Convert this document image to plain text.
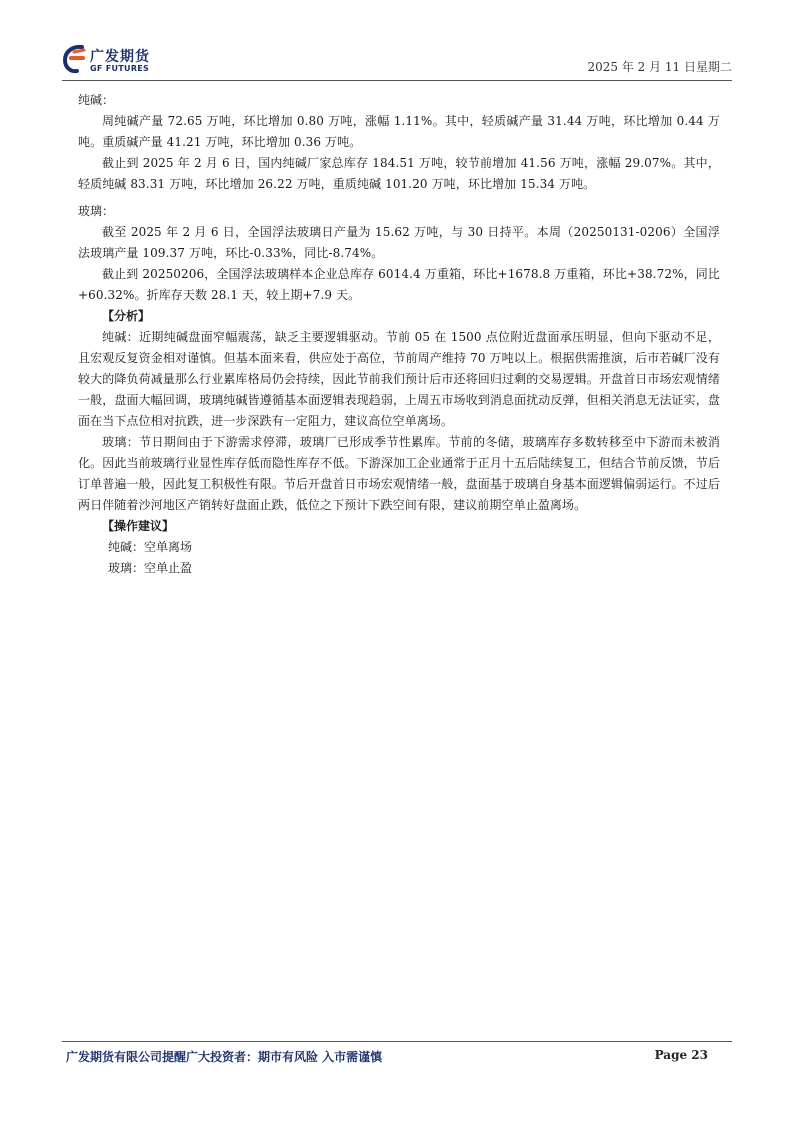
广发期货
GF FUTURES	2025 年 2 月 11 日星期二

纯碱：

周纯碱产量 72.65 万吨，环比增加 0.80 万吨，涨幅 1.11%。其中，轻质碱产量 31.44 万吨，环比增加 0.44 万吨。重质碱产量 41.21 万吨，环比增加 0.36 万吨。

截止到 2025 年 2 月 6 日，国内纯碱厂家总库存 184.51 万吨，较节前增加 41.56 万吨，涨幅 29.07%。其中，轻质纯碱 83.31 万吨，环比增加 26.22 万吨，重质纯碱 101.20 万吨，环比增加 15.34 万吨。

玻璃：

截至 2025 年 2 月 6 日，全国浮法玻璃日产量为 15.62 万吨，与 30 日持平。本周（20250131-0206）全国浮法玻璃产量 109.37 万吨，环比-0.33%，同比-8.74%。

截止到 20250206，全国浮法玻璃样本企业总库存 6014.4 万重箱，环比+1678.8 万重箱，环比+38.72%，同比+60.32%。折库存天数 28.1 天，较上期+7.9 天。

【分析】

纯碱：近期纯碱盘面窄幅震荡，缺乏主要逻辑驱动。节前 05 在 1500 点位附近盘面承压明显，但向下驱动不足，且宏观反复资金相对谨慎。但基本面来看，供应处于高位，节前周产维持 70 万吨以上。根据供需推演，后市若碱厂没有较大的降负荷减量那么行业累库格局仍会持续，因此节前我们预计后市还将回归过剩的交易逻辑。开盘首日市场宏观情绪一般，盘面大幅回调，玻璃纯碱皆遵循基本面逻辑表现趋弱，上周五市场收到消息面扰动反弹，但相关消息无法证实，盘面在当下点位相对抗跌，进一步深跌有一定阻力，建议高位空单离场。

玻璃：节日期间由于下游需求停滞，玻璃厂已形成季节性累库。节前的冬储，玻璃库存多数转移至中下游而未被消化。因此当前玻璃行业显性库存低而隐性库存不低。下游深加工企业通常于正月十五后陆续复工，但结合节前反馈，节后订单普遍一般，因此复工积极性有限。节后开盘首日市场宏观情绪一般，盘面基于玻璃自身基本面逻辑偏弱运行。不过后两日伴随着沙河地区产销转好盘面止跌，低位之下预计下跌空间有限，建议前期空单止盈离场。

【操作建议】

纯碱：空单离场

玻璃：空单止盈

广发期货有限公司提醒广大投资者：期市有风险 入市需谨慎	Page 23
